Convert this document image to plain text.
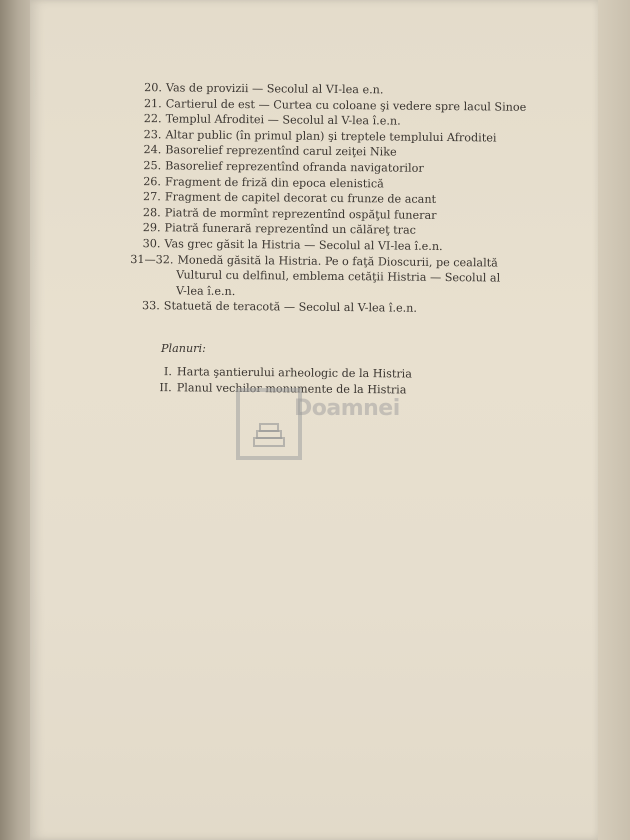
20. Vas de provizii — Secolul al VI-lea e.n.
21. Cartierul de est — Curtea cu coloane şi vedere spre lacul Sinoe
22. Templul Afroditei — Secolul al V-lea î.e.n.
23. Altar public (în primul plan) şi treptele templului Afroditei
24. Basorelief reprezentînd carul zeiţei Nike
25. Basorelief reprezentînd ofranda navigatorilor
26. Fragment de friză din epoca elenistică
27. Fragment de capitel decorat cu frunze de acant
28. Piatră de mormînt reprezentînd ospăţul funerar
29. Piatră funerară reprezentînd un călăreţ trac
30. Vas grec găsit la Histria — Secolul al VI-lea î.e.n.
31—32. Monedă găsită la Histria. Pe o faţă Dioscurii, pe cealaltă
Vulturul cu delfinul, emblema cetăţii Histria — Secolul al
V-lea î.e.n.
33. Statuetă de teracotă — Secolul al V-lea î.e.n.
Planuri:
I. Harta şantierului arheologic de la Histria
II. Planul vechilor monumente de la Histria
Doamnei
